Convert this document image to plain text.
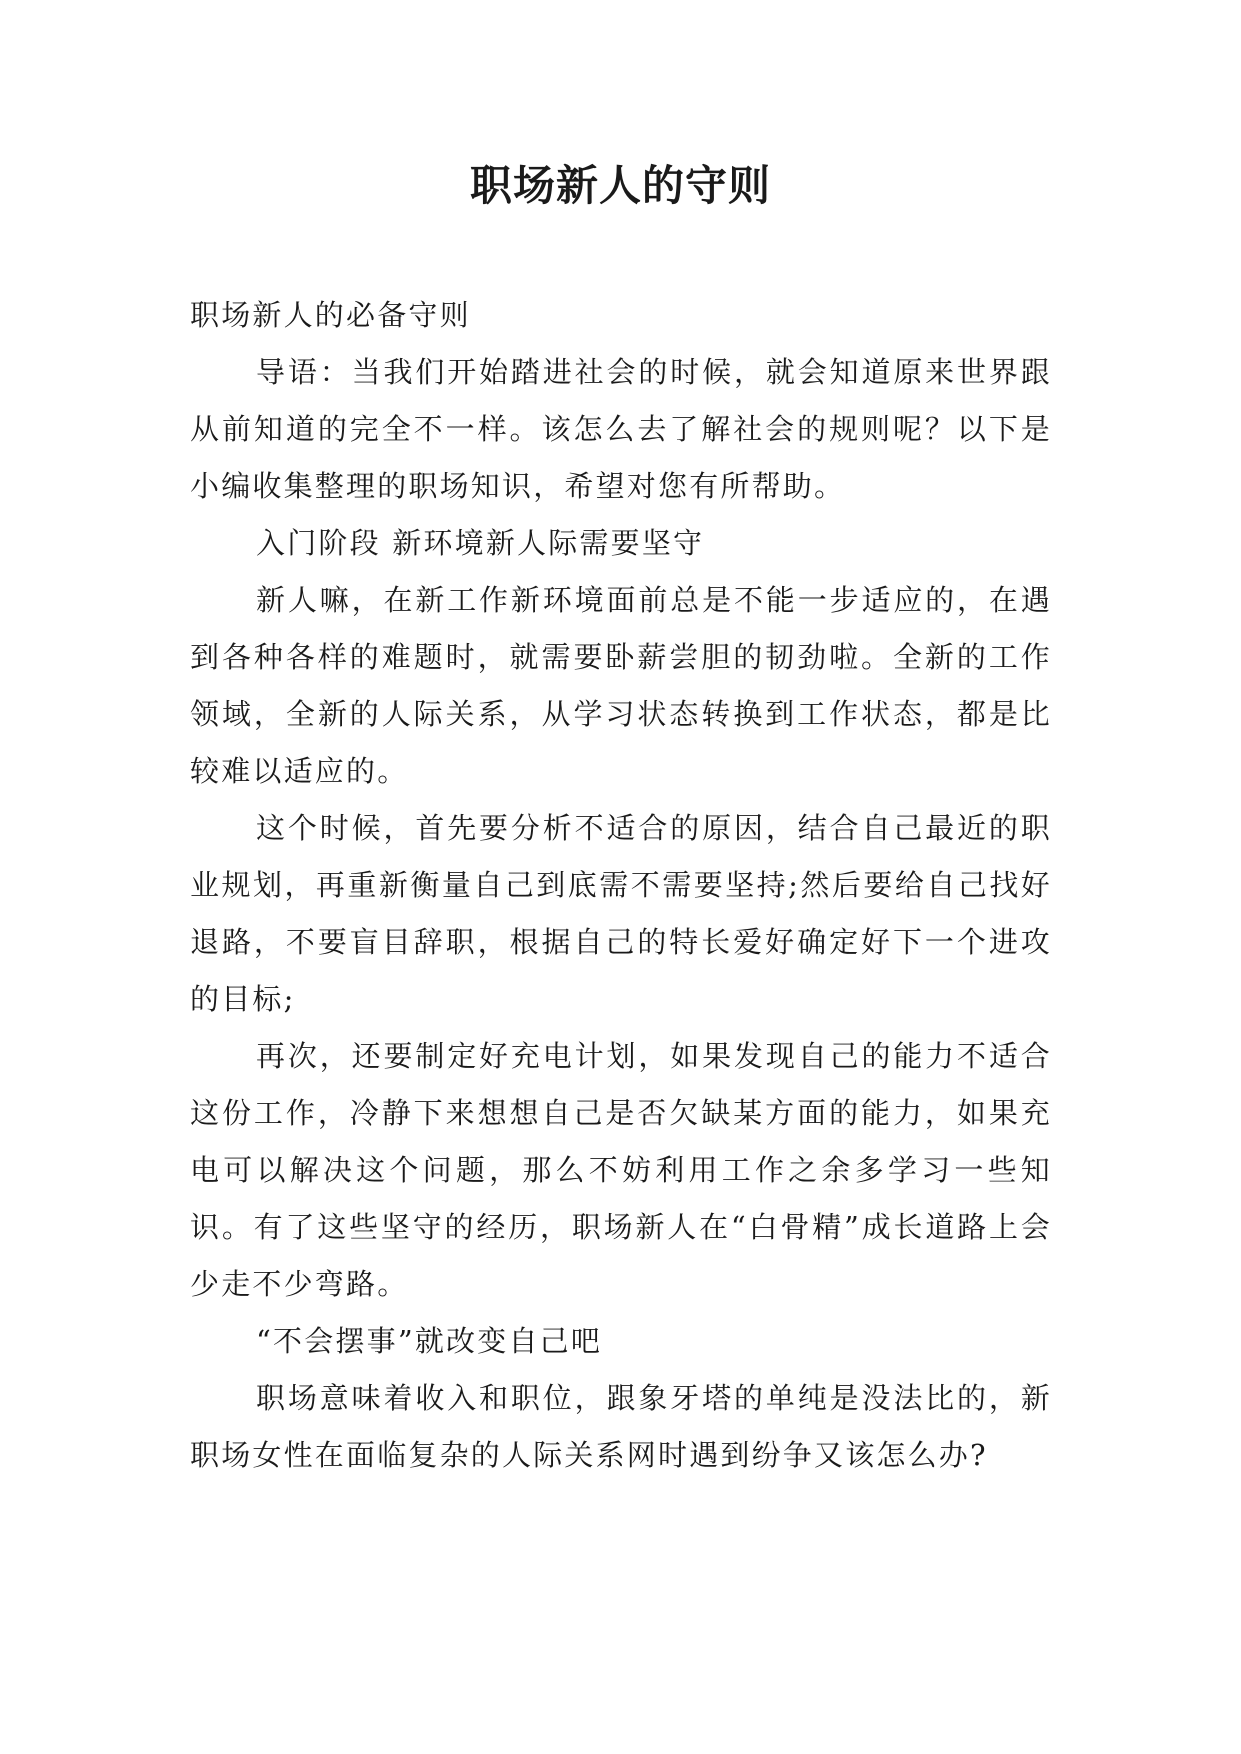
职场新人的守则

职场新人的必备守则

导语：当我们开始踏进社会的时候，就会知道原来世界跟从前知道的完全不一样。该怎么去了解社会的规则呢？以下是小编收集整理的职场知识，希望对您有所帮助。

入门阶段 新环境新人际需要坚守

新人嘛，在新工作新环境面前总是不能一步适应的，在遇到各种各样的难题时，就需要卧薪尝胆的韧劲啦。全新的工作领域，全新的人际关系，从学习状态转换到工作状态，都是比较难以适应的。

这个时候，首先要分析不适合的原因，结合自己最近的职业规划，再重新衡量自己到底需不需要坚持;然后要给自己找好退路，不要盲目辞职，根据自己的特长爱好确定好下一个进攻的目标;

再次，还要制定好充电计划，如果发现自己的能力不适合这份工作，冷静下来想想自己是否欠缺某方面的能力，如果充电可以解决这个问题，那么不妨利用工作之余多学习一些知识。有了这些坚守的经历，职场新人在“白骨精”成长道路上会少走不少弯路。

“不会摆事”就改变自己吧

职场意味着收入和职位，跟象牙塔的单纯是没法比的，新职场女性在面临复杂的人际关系网时遇到纷争又该怎么办?
